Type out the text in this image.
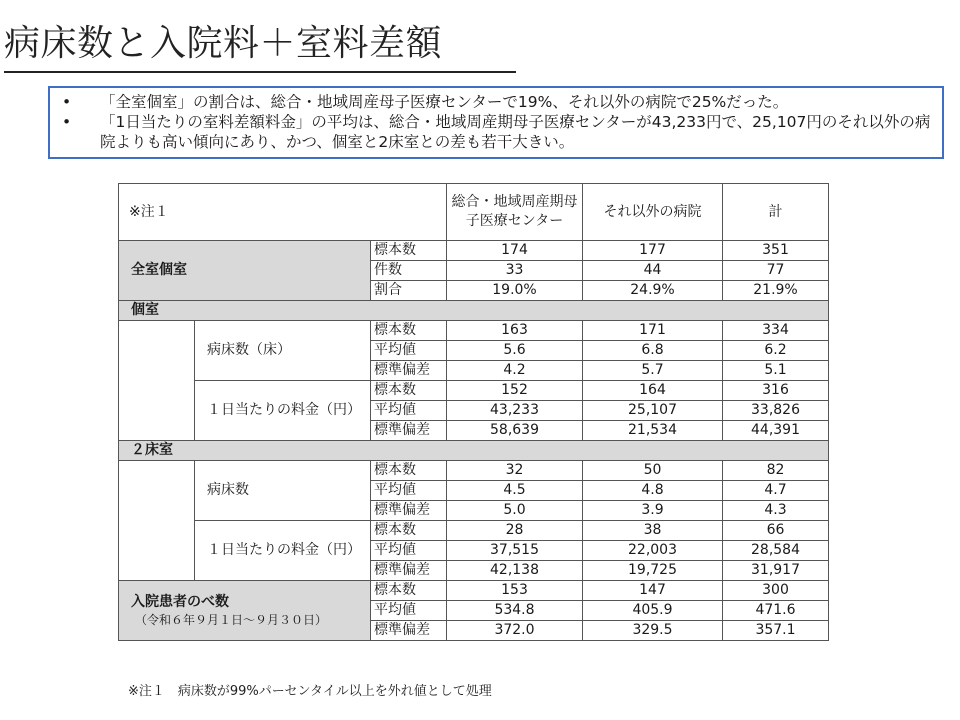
病床数と入院料＋室料差額
• 「全室個室」の割合は、総合・地域周産母子医療センターで19%、それ以外の病院で25%だった。
• 「1日当たりの室料差額料金」の平均は、総合・地域周産期母子医療センターが43,233円で、25,107円のそれ以外の病院よりも高い傾向にあり、かつ、個室と2床室との差も若干大きい。
※注１			総合・地域周産期母子医療センター	それ以外の病院	計
全室個室		標本数	174	177	351
		件数	33	44	77
		割合	19.0%	24.9%	21.9%
個室					
	病床数（床）	標本数	163	171	334
		平均値	5.6	6.8	6.2
		標準偏差	4.2	5.7	5.1
	１日当たりの料金（円）	標本数	152	164	316
		平均値	43,233	25,107	33,826
		標準偏差	58,639	21,534	44,391
２床室					
	病床数	標本数	32	50	82
		平均値	4.5	4.8	4.7
		標準偏差	5.0	3.9	4.3
	１日当たりの料金（円）	標本数	28	38	66
		平均値	37,515	22,003	28,584
		標準偏差	42,138	19,725	31,917
入院患者のべ数
（令和６年９月１日～９月３０日）		標本数	153	147	300
		平均値	534.8	405.9	471.6
		標準偏差	372.0	329.5	357.1
※注１　病床数が99%パーセンタイル以上を外れ値として処理
